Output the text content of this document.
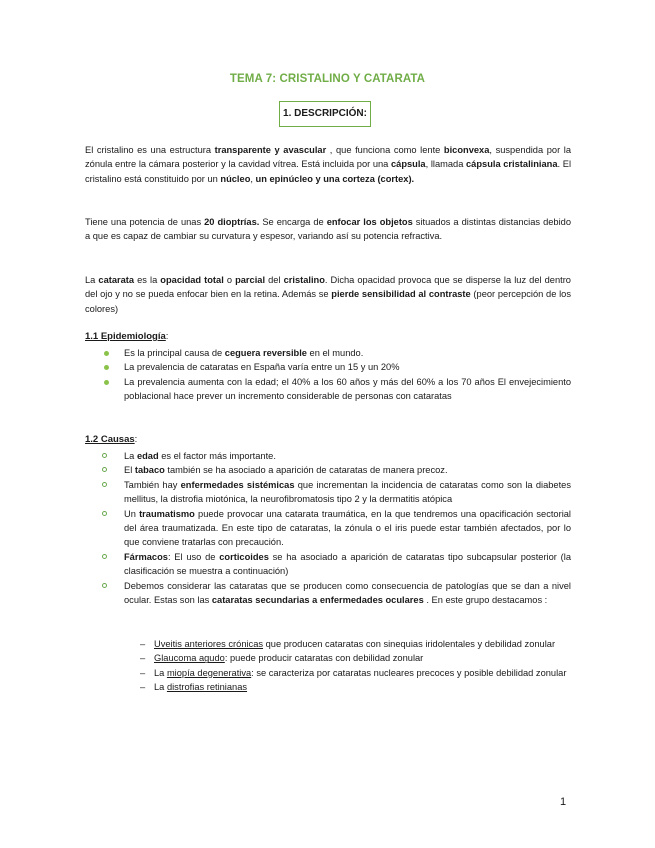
TEMA 7: CRISTALINO Y CATARATA
1. DESCRIPCIÓN:
El cristalino es una estructura transparente y avascular , que funciona como lente biconvexa, suspendida por la zónula entre la cámara posterior y la cavidad vítrea. Está incluida por una cápsula, llamada cápsula cristaliniana. El cristalino está constituido por un núcleo, un epinúcleo y una corteza (cortex).
Tiene una potencia de unas 20 dioptrías. Se encarga de enfocar los objetos situados a distintas distancias debido a que es capaz de cambiar su curvatura y espesor, variando así su potencia refractiva.
La catarata es la opacidad total o parcial del cristalino. Dicha opacidad provoca que se disperse la luz del dentro del ojo y no se pueda enfocar bien en la retina. Además se pierde sensibilidad al contraste (peor percepción de los colores)
1.1 Epidemiología:
Es la principal causa de ceguera reversible en el mundo.
La prevalencia de cataratas en España varía entre un 15 y un 20%
La prevalencia aumenta con la edad; el 40% a los 60 años y más del 60% a los 70 años El envejecimiento poblacional hace prever un incremento considerable de personas con cataratas
1.2 Causas:
La edad es el factor más importante.
El tabaco también se ha asociado a aparición de cataratas de manera precoz.
También hay enfermedades sistémicas que incrementan la incidencia de cataratas como son la diabetes mellitus, la distrofia miotónica, la neurofibromatosis tipo 2 y la dermatitis atópica
Un traumatismo puede provocar una catarata traumática, en la que tendremos una opacificación sectorial del área traumatizada. En este tipo de cataratas, la zónula o el iris puede estar también afectados, por lo que conviene tratarlas con precaución.
Fármacos: El uso de corticoides se ha asociado a aparición de cataratas tipo subcapsular posterior (la clasificación se muestra a continuación)
Debemos considerar las cataratas que se producen como consecuencia de patologías que se dan a nivel ocular. Estas son las cataratas secundarias a enfermedades oculares . En este grupo destacamos :
– Uveitis anteriores crónicas que producen cataratas con sinequias iridolentales y debilidad zonular
– Glaucoma agudo: puede producir cataratas con debilidad zonular
– La miopía degenerativa: se caracteriza por cataratas nucleares precoces y posible debilidad zonular
– La distrofias retinianas
1
